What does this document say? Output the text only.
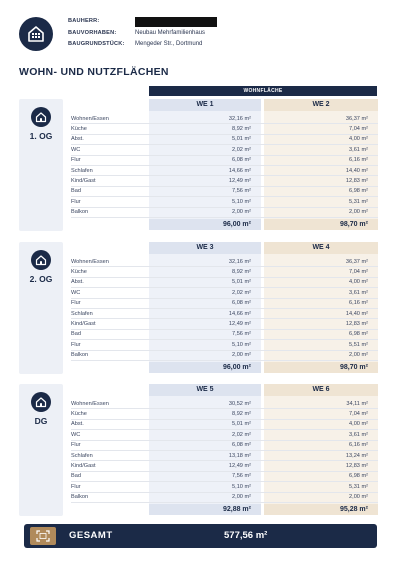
BAUHERR:
BAUVORHABEN:	Neubau Mehrfamilienhaus
BAUGRUNDSTÜCK:	Mengeder Str., Dortmund
WOHN- UND NUTZFLÄCHEN
WOHNFLÄCHE
1. OG
WE 1	WE 2
Wohnen/Essen	32,16 m²	36,37 m²
Küche	8,92 m²	7,04 m²
Abst.	5,01 m²	4,00 m²
WC	2,02 m²	3,61 m²
Flur	6,08 m²	6,16 m²
Schlafen	14,66 m²	14,40 m²
Kind/Gast	12,49 m²	12,83 m²
Bad	7,56 m²	6,98 m²
Flur	5,10 m²	5,31 m²
Balkon	2,00 m²	2,00 m²
96,00 m²	98,70 m²
2. OG
WE 3	WE 4
Wohnen/Essen	32,16 m²	36,37 m²
Küche	8,92 m²	7,04 m²
Abst.	5,01 m²	4,00 m²
WC	2,02 m²	3,61 m²
Flur	6,08 m²	6,16 m²
Schlafen	14,66 m²	14,40 m²
Kind/Gast	12,49 m²	12,83 m²
Bad	7,56 m²	6,98 m²
Flur	5,10 m²	5,51 m²
Balkon	2,00 m²	2,00 m²
96,00 m²	98,70 m²
DG
WE 5	WE 6
Wohnen/Essen	30,52 m²	34,11 m²
Küche	8,92 m²	7,04 m²
Abst.	5,01 m²	4,00 m²
WC	2,02 m²	3,61 m²
Flur	6,08 m²	6,16 m²
Schlafen	13,18 m²	13,24 m²
Kind/Gast	12,49 m²	12,83 m²
Bad	7,56 m²	6,98 m²
Flur	5,10 m²	5,31 m²
Balkon	2,00 m²	2,00 m²
92,88 m²	95,28 m²
GESAMT	577,56 m²
